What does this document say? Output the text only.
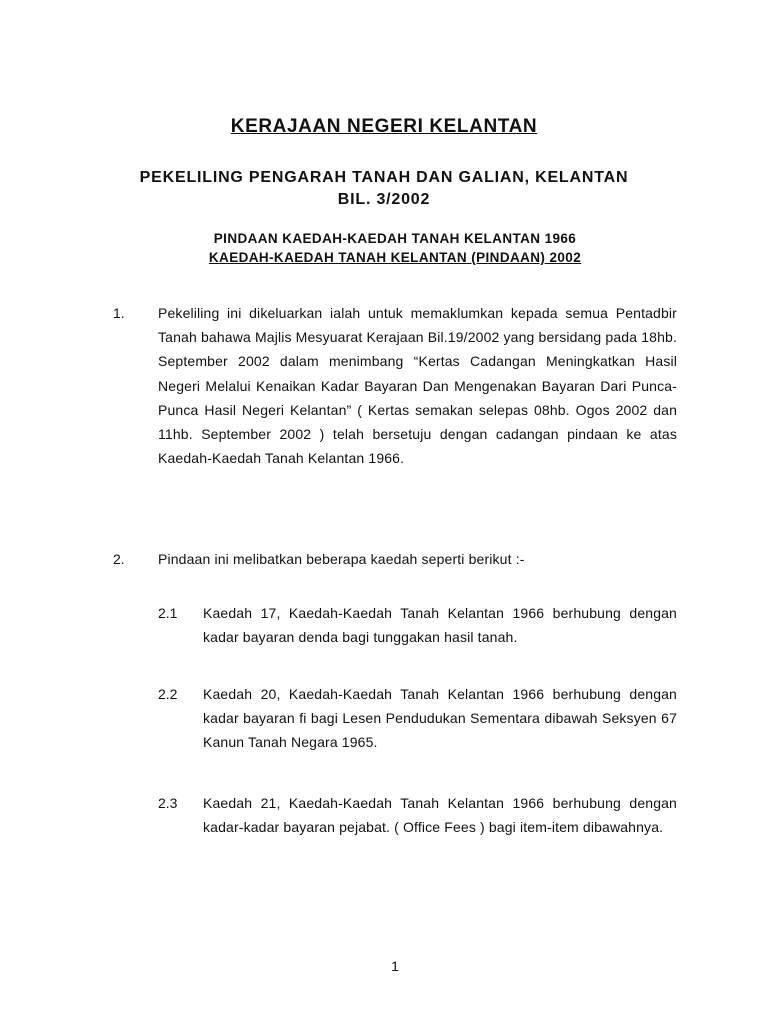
KERAJAAN NEGERI KELANTAN
PEKELILING PENGARAH TANAH DAN GALIAN, KELANTAN
BIL. 3/2002
PINDAAN KAEDAH-KAEDAH TANAH KELANTAN 1966
KAEDAH-KAEDAH TANAH KELANTAN (PINDAAN) 2002
1. Pekeliling ini dikeluarkan ialah untuk memaklumkan kepada semua Pentadbir Tanah bahawa Majlis Mesyuarat Kerajaan Bil.19/2002 yang bersidang pada 18hb. September 2002 dalam menimbang “Kertas Cadangan Meningkatkan Hasil Negeri Melalui Kenaikan Kadar Bayaran Dan Mengenakan Bayaran Dari Punca-Punca Hasil Negeri Kelantan” ( Kertas semakan selepas 08hb. Ogos 2002 dan 11hb. September 2002 ) telah bersetuju dengan cadangan pindaan ke atas Kaedah-Kaedah Tanah Kelantan 1966.
2. Pindaan ini melibatkan beberapa kaedah seperti berikut :-
2.1 Kaedah 17, Kaedah-Kaedah Tanah Kelantan 1966 berhubung dengan kadar bayaran denda bagi tunggakan hasil tanah.
2.2 Kaedah 20, Kaedah-Kaedah Tanah Kelantan 1966 berhubung dengan kadar bayaran fi bagi Lesen Pendudukan Sementara dibawah Seksyen 67 Kanun Tanah Negara 1965.
2.3 Kaedah 21, Kaedah-Kaedah Tanah Kelantan 1966 berhubung dengan kadar-kadar bayaran pejabat. ( Office Fees ) bagi item-item dibawahnya.
1
